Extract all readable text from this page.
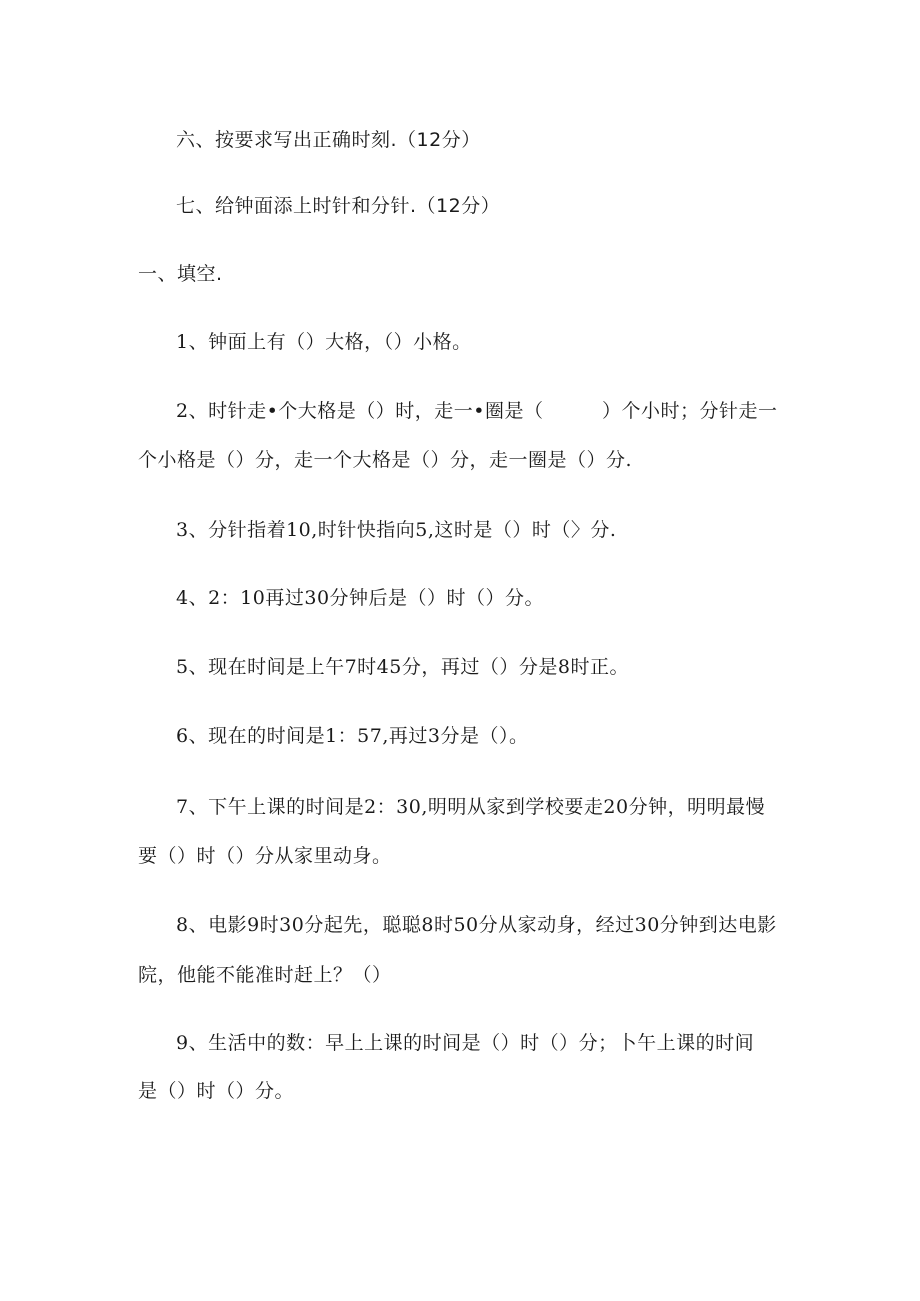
六、按要求写出正确时刻.（12分）
七、给钟面添上时针和分针.（12分）
一、填空.
1、钟面上有（）大格，（）小格。
2、时针走•个大格是（）时，走一•圈是（　　　）个小时；分针走一
个小格是（）分，走一个大格是（）分，走一圈是（）分.
3、分针指着10,时针快指向5,这时是（）时（〉分.
4、2：10再过30分钟后是（）时（）分。
5、现在时间是上午7时45分，再过（）分是8时正。
6、现在的时间是1：57,再过3分是（）。
7、下午上课的时间是2：30,明明从家到学校要走20分钟，明明最慢
要（）时（）分从家里动身。
8、电影9时30分起先，聪聪8时50分从家动身，经过30分钟到达电影
院，他能不能准时赶上？（）
9、生活中的数：早上上课的时间是（）时（）分；卜午上课的时间
是（）时（）分。
